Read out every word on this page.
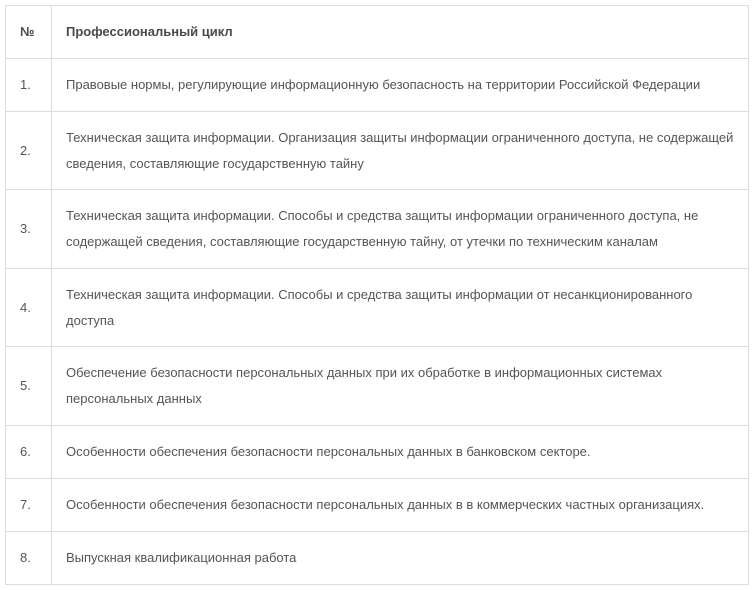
№	Профессиональный цикл
1.	Правовые нормы, регулирующие информационную безопасность на территории Российской Федерации
2.	Техническая защита информации. Организация защиты информации ограниченного доступа, не содержащей сведения, составляющие государственную тайну
3.	Техническая защита информации. Способы и средства защиты информации ограниченного доступа, не содержащей сведения, составляющие государственную тайну, от утечки по техническим каналам
4.	Техническая защита информации. Способы и средства защиты информации от несанкционированного доступа
5.	Обеспечение безопасности персональных данных при их обработке в информационных системах персональных данных
6.	Особенности обеспечения безопасности персональных данных в банковском секторе.
7.	Особенности обеспечения безопасности персональных данных в в коммерческих частных организациях.
8.	Выпускная квалификационная работа
